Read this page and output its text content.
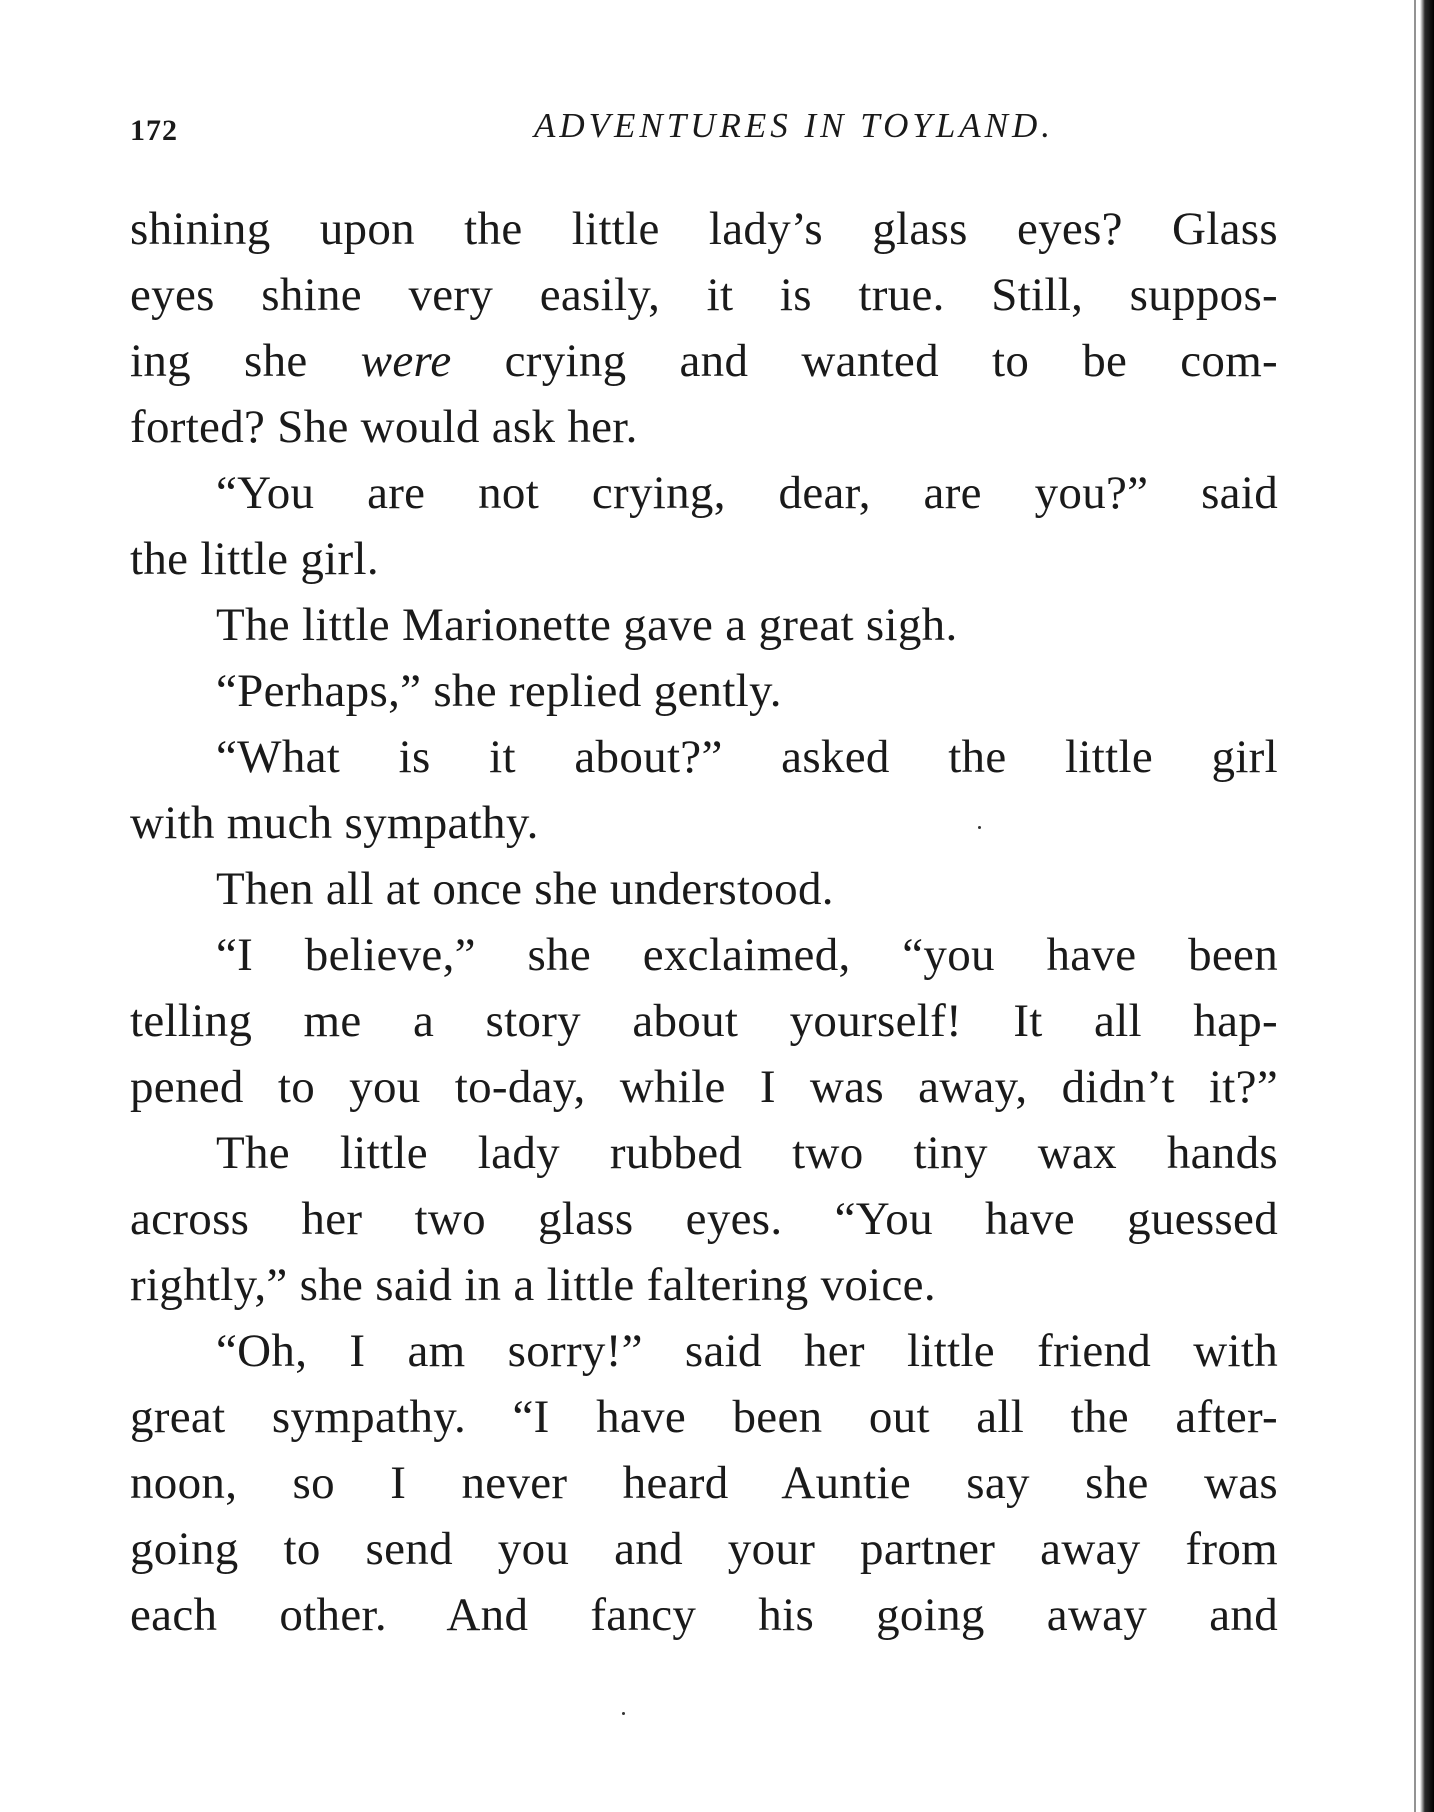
172	ADVENTURES IN TOYLAND.
shining upon the little lady’s glass eyes? Glass
eyes shine very easily, it is true. Still, suppos-
ing she were crying and wanted to be com-
forted? She would ask her.
“You are not crying, dear, are you?” said
the little girl.
The little Marionette gave a great sigh.
“Perhaps,” she replied gently.
“What is it about?” asked the little girl
with much sympathy.
Then all at once she understood.
“I believe,” she exclaimed, “you have been
telling me a story about yourself! It all hap-
pened to you to-day, while I was away, didn’t it?”
The little lady rubbed two tiny wax hands
across her two glass eyes. “You have guessed
rightly,” she said in a little faltering voice.
“Oh, I am sorry!” said her little friend with
great sympathy. “I have been out all the after-
noon, so I never heard Auntie say she was
going to send you and your partner away from
each other. And fancy his going away and
